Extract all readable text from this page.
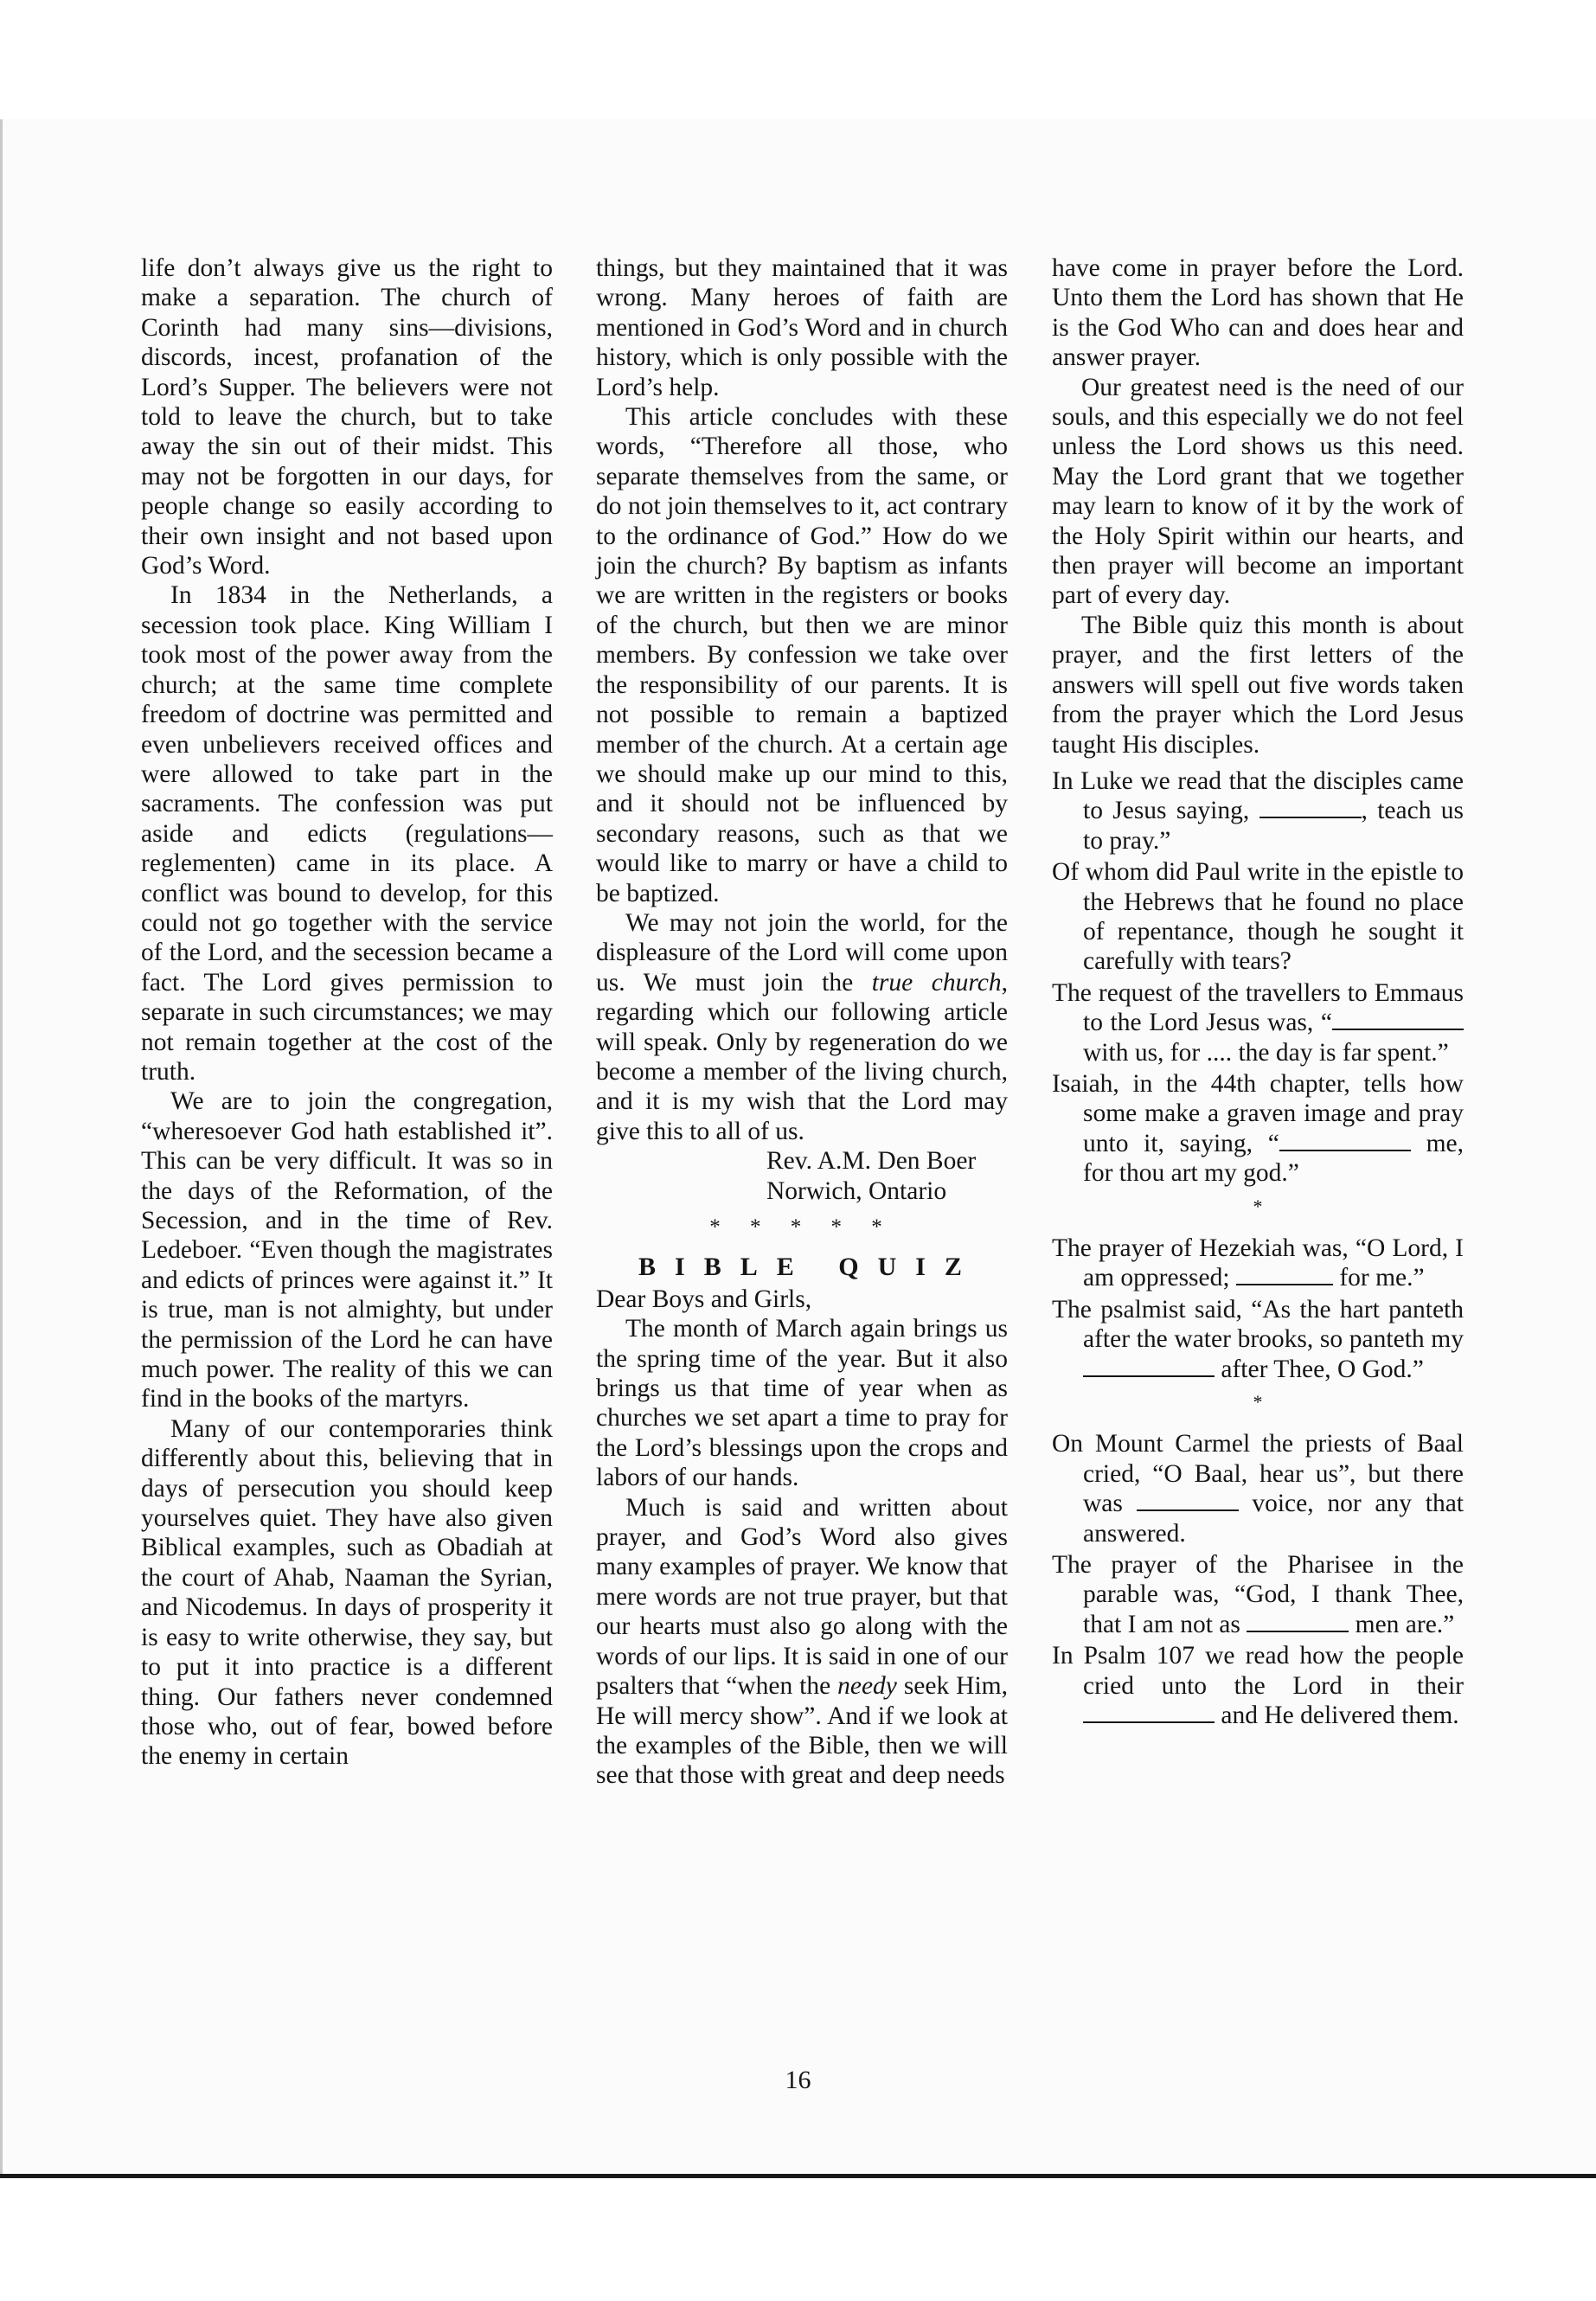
life don’t always give us the right to make a separation. The church of Corinth had many sins—divisions, discords, incest, profanation of the Lord’s Supper. The believers were not told to leave the church, but to take away the sin out of their midst. This may not be forgotten in our days, for people change so easily according to their own insight and not based upon God’s Word.

In 1834 in the Netherlands, a secession took place. King William I took most of the power away from the church; at the same time complete freedom of doctrine was permitted and even unbelievers received offices and were allowed to take part in the sacraments. The confession was put aside and edicts (regulations—reglementen) came in its place. A conflict was bound to develop, for this could not go together with the service of the Lord, and the secession became a fact. The Lord gives permission to separate in such circumstances; we may not remain together at the cost of the truth.

We are to join the congregation, “wheresoever God hath established it”. This can be very difficult. It was so in the days of the Reformation, of the Secession, and in the time of Rev. Ledeboer. “Even though the magistrates and edicts of princes were against it.” It is true, man is not almighty, but under the permission of the Lord he can have much power. The reality of this we can find in the books of the martyrs.

Many of our contemporaries think differently about this, believing that in days of persecution you should keep yourselves quiet. They have also given Biblical examples, such as Obadiah at the court of Ahab, Naaman the Syrian, and Nicodemus. In days of prosperity it is easy to write otherwise, they say, but to put it into practice is a different thing. Our fathers never condemned those who, out of fear, bowed before the enemy in certain

things, but they maintained that it was wrong. Many heroes of faith are mentioned in God’s Word and in church history, which is only possible with the Lord’s help.

This article concludes with these words, “Therefore all those, who separate themselves from the same, or do not join themselves to it, act contrary to the ordinance of God.” How do we join the church? By baptism as infants we are written in the registers or books of the church, but then we are minor members. By confession we take over the responsibility of our parents. It is not possible to remain a baptized member of the church. At a certain age we should make up our mind to this, and it should not be influenced by secondary reasons, such as that we would like to marry or have a child to be baptized.

We may not join the world, for the displeasure of the Lord will come upon us. We must join the true church, regarding which our following article will speak. Only by regeneration do we become a member of the living church, and it is my wish that the Lord may give this to all of us.

Rev. A.M. Den Boer
Norwich, Ontario
* * * * *
BIBLE QUIZ

Dear Boys and Girls,

The month of March again brings us the spring time of the year. But it also brings us that time of year when as churches we set apart a time to pray for the Lord’s blessings upon the crops and labors of our hands.

Much is said and written about prayer, and God’s Word also gives many examples of prayer. We know that mere words are not true prayer, but that our hearts must also go along with the words of our lips. It is said in one of our psalters that “when the needy seek Him, He will mercy show”. And if we look at the examples of the Bible, then we will see that those with great and deep needs

have come in prayer before the Lord. Unto them the Lord has shown that He is the God Who can and does hear and answer prayer.

Our greatest need is the need of our souls, and this especially we do not feel unless the Lord shows us this need. May the Lord grant that we together may learn to know of it by the work of the Holy Spirit within our hearts, and then prayer will become an important part of every day.

The Bible quiz this month is about prayer, and the first letters of the answers will spell out five words taken from the prayer which the Lord Jesus taught His disciples.

In Luke we read that the disciples came to Jesus saying,	, teach us to pray.”
Of whom did Paul write in the epistle to the Hebrews that he found no place of repentance, though he sought it carefully with tears?
The request of the travellers to Emmaus to the Lord Jesus was, “ with us, for .... the day is far spent.”
Isaiah, in the 44th chapter, tells how some make a graven image and pray unto it, saying, “	me, for thou art my god.”
*
The prayer of Hezekiah was, “O Lord, I am oppressed;	for me.”
The psalmist said, “As the hart panteth after the water brooks, so panteth my  after Thee, O God.”
*
On Mount Carmel the priests of Baal cried, “O Baal, hear us”, but there was	voice, nor any that answered.
The prayer of the Pharisee in the parable was, “God, I thank Thee, that I am not as	men are.”
In Psalm 107 we read how the people cried unto the Lord in their  and He delivered them.
16
